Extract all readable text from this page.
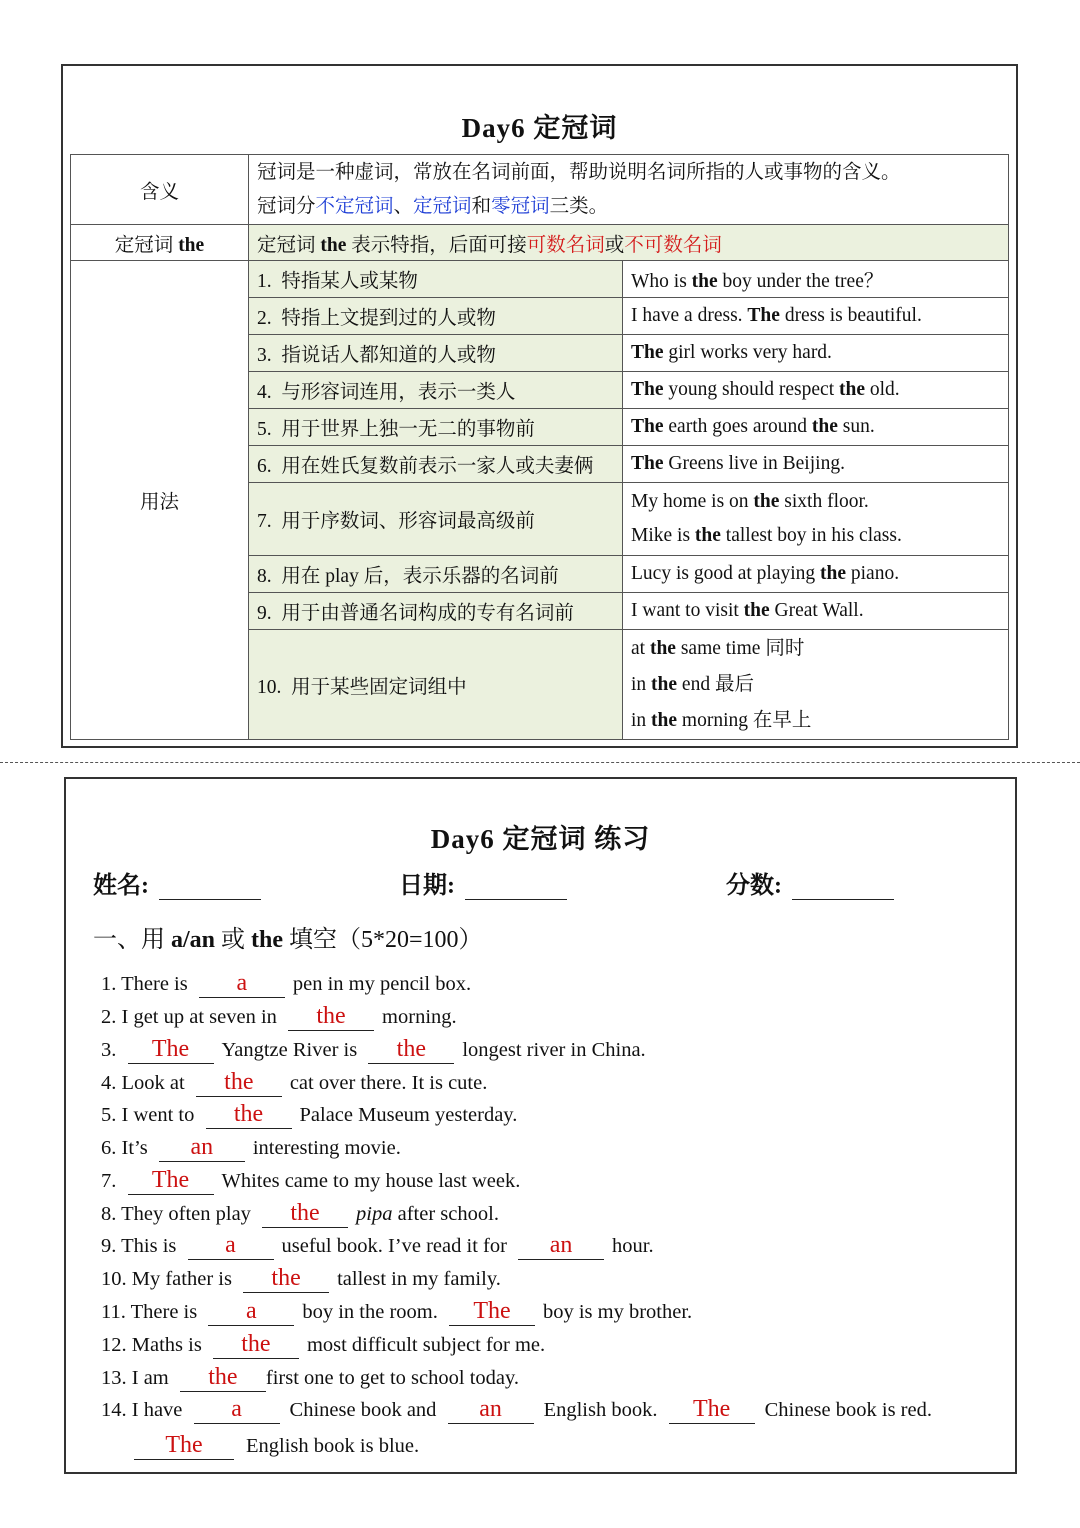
Day6 定冠词
含义	冠词是一种虚词，常放在名词前面，帮助说明名词所指的人或事物的含义。
冠词分不定冠词、定冠词和零冠词三类。	

定冠词 the	定冠词 the 表示特指，后面可接可数名词或不可数名词	
用法	1. 特指某人或某物	Who is the boy under the tree？
	2. 特指上文提到过的人或物	I have a dress. The dress is beautiful.
	3. 指说话人都知道的人或物	The girl works very hard.
	4. 与形容词连用，表示一类人	The young should respect the old.
	5. 用于世界上独一无二的事物前	The earth goes around the sun.
	6. 用在姓氏复数前表示一家人或夫妻俩	The Greens live in Beijing.
	7. 用于序数词、形容词最高级前	My home is on the sixth floor.
Mike is the tallest boy in his class.

	8. 用在 play 后，表示乐器的名词前	Lucy is good at playing the piano.
	9. 用于由普通名词构成的专有名词前	I want to visit the Great Wall.
	10. 用于某些固定词组中	at the same time 同时
in the end 最后
in the morning 在早上
Day6 定冠词 练习
姓名:	日期:	分数:
一、用 a/an 或 the 填空（5*20=100）
1. There is a pen in my pencil box.
2. I get up at seven in the morning.
3. The Yangtze River is the longest river in China.
4. Look at the cat over there. It is cute.
5. I went to the Palace Museum yesterday.
6. It’s an interesting movie.
7. The Whites came to my house last week.
8. They often play the pipa after school.
9. This is a useful book. I’ve read it for an hour.
10. My father is the tallest in my family.
11. There is a boy in the room. The boy is my brother.
12. Maths is the most difficult subject for me.
13. I am the first one to get to school today.
14. I have a Chinese book and an English book. The Chinese book is red.
The English book is blue.
